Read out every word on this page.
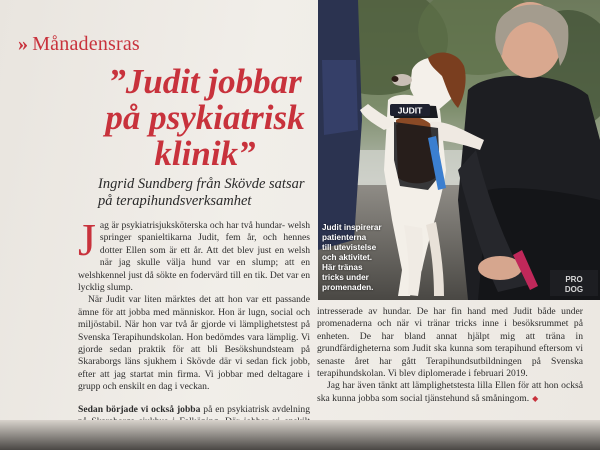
» Månadensras
”Judit jobbar
på psykiatrisk
klinik”
Ingrid Sundberg från Skövde satsar
på terapihundsverksamhet

Jag är psykiatrisjuksköterska och har två hundar- welsh springer spanieltikarna Judit, fem år, och hennes dotter Ellen som är ett år. Att det blev just en welsh när jag skulle välja hund var en slump; att en welshkennel just då sökte en fodervärd till en tik. Det var en lycklig slump.

När Judit var liten märktes det att hon var ett passande ämne för att jobba med människor. Hon är lugn, social och miljöstabil. När hon var två år gjorde vi lämplighetstest på Svenska Terapihundskolan. Hon bedömdes vara lämplig. Vi gjorde sedan praktik för att bli Besökshundsteam på Skaraborgs läns sjukhem i Skövde där vi sedan fick jobb, efter att jag startat min firma. Vi jobbar med deltagare i grupp och enskilt en dag i veckan.

Sedan började vi också jobba på en psykiatrisk avdelning

PRO
DOG
JUDIT
Judit inspirerar
patienterna
till utevistelse
och aktivitet.
Här tränas
tricks under
promenaden.

intresserade av hundar. De har fin hand med Judit både under promenaderna och när vi tränar tricks inne i besöksrummet på enheten. De har bland annat hjälpt mig att träna in grundfärdigheterna som Judit ska kunna som terapihund eftersom vi senaste året har gått Terapihundsutbildningen på Svenska terapihundskolan. Vi blev diplomerade i februari 2019.

Jag har även tänkt att lämplighetstesta lilla Ellen för att hon också ska kunna jobba som social tjänstehund så småningom. ◆
